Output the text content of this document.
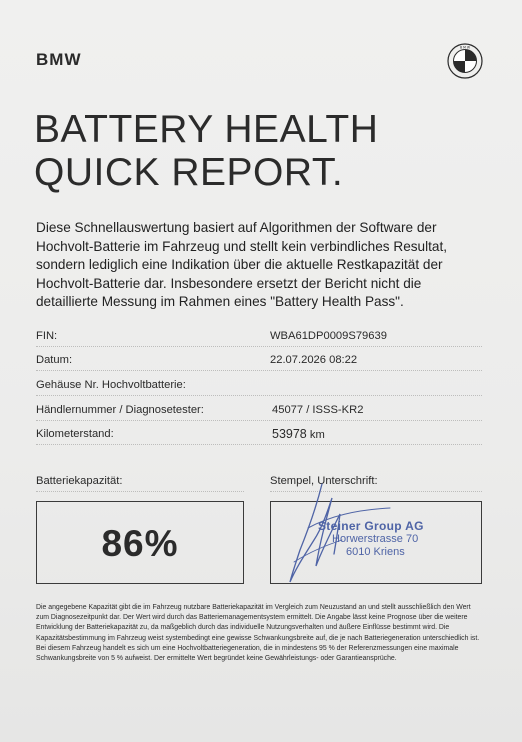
BMW
B M W
BATTERY HEALTH
QUICK REPORT.

Diese Schnellauswertung basiert auf Algorithmen der Software der Hochvolt-Batterie im Fahrzeug und stellt kein verbindliches Resultat, sondern lediglich eine Indikation über die aktuelle Restkapazität der Hochvolt-Batterie dar. Insbesondere ersetzt der Bericht nicht die detaillierte Messung im Rahmen eines "Battery Health Pass".

FIN:	WBA61DP0009S79639
Datum:	22.07.2026 08:22
Gehäuse Nr. Hochvoltbatterie:
Händlernummer / Diagnosetester:	45077 / ISSS-KR2
Kilometerstand:	53978 km
Batteriekapazität:
86%
Stempel, Unterschrift:
Steiner Group AG
Horwerstrasse 70
6010 Kriens

Die angegebene Kapazität gibt die im Fahrzeug nutzbare Batteriekapazität im Vergleich zum Neuzustand an und stellt ausschließlich den Wert zum Diagnosezeitpunkt dar. Der Wert wird durch das Batteriemanagementsystem ermittelt. Die Angabe lässt keine Prognose über die weitere Entwicklung der Batteriekapazität zu, da maßgeblich durch das individuelle Nutzungsverhalten und äußere Einflüsse bestimmt wird. Die Kapazitätsbestimmung im Fahrzeug weist systembedingt eine gewisse Schwankungsbreite auf, die je nach Batteriegeneration unterschiedlich ist. Bei diesem Fahrzeug handelt es sich um eine Hochvoltbatteriegeneration, die in mindestens 95 % der Referenzmessungen eine maximale Schwankungsbreite von 5 % aufweist. Der ermittelte Wert begründet keine Gewährleistungs- oder Garantieansprüche.
